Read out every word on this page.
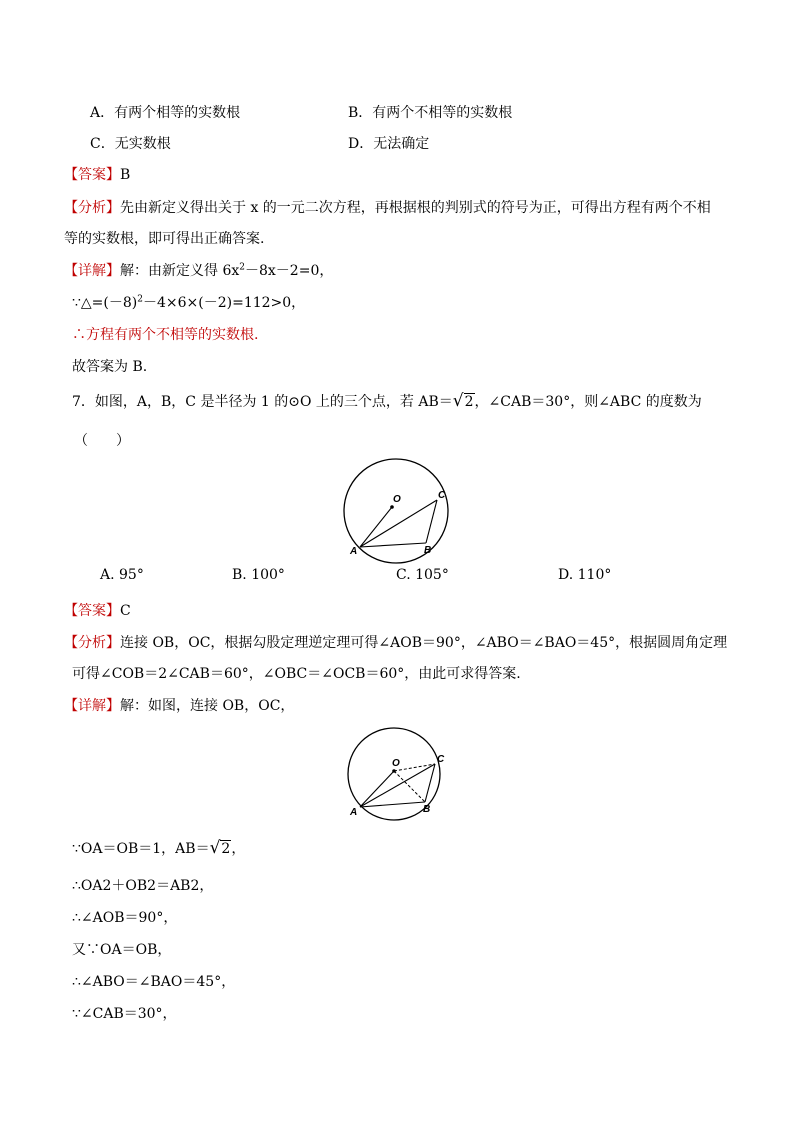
A．有两个相等的实数根	B．有两个不相等的实数根
C．无实数根	D．无法确定
【答案】B
【分析】先由新定义得出关于 x 的一元二次方程，再根据根的判别式的符号为正，可得出方程有两个不相
等的实数根，即可得出正确答案.
【详解】解：由新定义得 $6x^2-8x-2=0$，
$\because\triangle=(-8)^2-4\times 6\times(-2)=112>0$，
∴方程有两个不相等的实数根.
故答案为 B.
7．如图，A，B，C 是半径为 1 的⊙O 上的三个点，若 AB＝√2，∠CAB＝30°，则∠ABC 的度数为
（　　）
O
A	B
C
A. 95°	B. 100°	C. 105°	D. 110°
【答案】C
【分析】连接 OB，OC，根据勾股定理逆定理可得∠AOB＝90°，∠ABO＝∠BAO＝45°，根据圆周角定理
可得∠COB＝2∠CAB＝60°，∠OBC＝∠OCB＝60°，由此可求得答案.
【详解】解：如图，连接 OB，OC，
O
A	B
C
∵OA＝OB＝1，AB＝√2，
∴OA2＋OB2＝AB2，
∴∠AOB＝90°，
又∵OA＝OB，
∴∠ABO＝∠BAO＝45°，
∵∠CAB＝30°，
